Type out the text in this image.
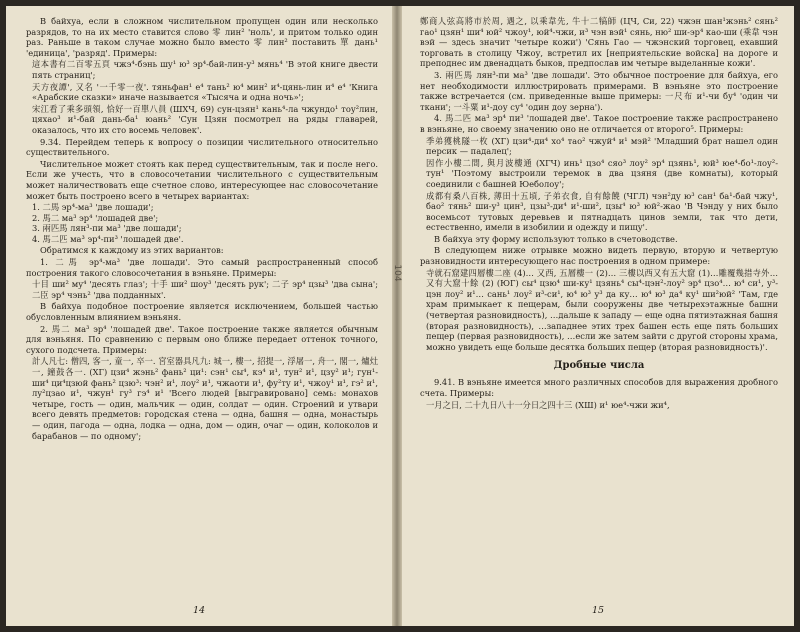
В байхуа, если в сложном числительном пропущен один или несколько разрядов, то на их место ставится слово 零 лин² 'ноль', и притом только один раз. Раньше в таком случае можно было вместо 零 лин² поставить 單 дань¹ 'единица', 'разряд'. Примеры:

這本書有二百零五頁 чжэ⁴-бэнь шу¹ ю³ эр⁴-бай-лин-у³ мянь⁴ 'В этой книге двести пять страниц';

天方夜譚', 又名 '一千零一夜'. тяньфан¹ е⁴ тань² ю⁴ мин² и⁴-цянь-лин и⁴ е⁴ 'Книга «Арабские сказки» иначе называется «Тысяча и одна ночь»';

宋江看了乘多頭領, 恰好一百單八員 (ШХЧ, 69) сун-цзян¹ кань⁴-ла чжундо¹ тоу²лин, цяхао³ и¹-бай дань-ба¹ юань² 'Сун Цзян посмотрел на ряды главарей, оказалось, что их сто восемь человек'.

9.34. Перейдем теперь к вопросу о позиции числительного относительно существительного.

Числительное может стоять как перед существительным, так и после него. Если же учесть, что в словосочетании числительного с существительным может наличествовать еще счетное слово, интересующее нас словосочетание может быть построено всего в четырех вариантах:

1. 二馬 эр⁴-ма³ 'две лошади';
2. 馬二 ма³ эр⁴ 'лошадей две';
3. 兩匹馬 лян³-пи ма³ 'две лошади';
4. 馬二匹 ма³ эр⁴-пи³ 'лошадей две'.

Обратимся к каждому из этих вариантов:

1. 二馬 эр⁴-ма³ 'две лошади'. Это самый распространенный способ построения такого словосочетания в вэньяне. Примеры:

十目 ши² му⁴ 'десять глаз'; 十手 ши² шоу³ 'десять рук'; 二子 эр⁴ цзы³ 'два сына'; 二臣 эр⁴ чэнь² 'два подданных'.

В байхуа подобное построение является исключением, большей частью обусловленным влиянием вэньяня.

2. 馬二 ма³ эр⁴ 'лошадей две'. Такое построение также является обычным для вэньяня. По сравнению с первым оно ближе передает оттенок точного, сухого подсчета. Примеры:

計人凡七: 僧四, 客一, 童一, 卒一. 宮室器具凡九: 城一, 樓一, 招提一, 浮屠一, 舟一, 閣一, 爐灶一, 鐘鼓各一. (ХГ) цзи⁴ жэнь² фань² ци¹: сэн¹ сы⁴, кэ⁴ и¹, тун² и¹, цзу² и¹; гун¹-ши⁴ ци⁴цзюй фань² цзю³: чэн² и¹, лоу² и¹, чжаоти и¹, фу²ту и¹, чжоу¹ и¹, гэ² и¹, лу²цзао и¹, чжун¹ гу³ гэ⁴ и¹ 'Всего людей [выгравировано] семь: монахов четыре, гость — один, мальчик — один, солдат — один. Строений и утвари всего девять предметов: городская стена — одна, башня — одна, монастырь — один, пагода — одна, лодка — одна, дом — один, очаг — один, колоколов и барабанов — по одному';

14
104

鄭商人弦高將市於周, 遇之, 以乘韋先, 牛十二犒師 (ЦЧ, Си, 22) чжэн шан¹жэнь² сянь² гао¹ цзян¹ ши⁴ юй² чжоу¹, юй⁴-чжи, и³ чэн вэй¹ сянь, ню² ши-эр⁴ као-ши (乘韋 чэн вэй — здесь значит 'четыре кожи') 'Сянь Гао — чжэнский торговец, ехавший торговать в столицу Чжоу, встретил их [неприятельские войска] на дороге и преподнес им двенадцать быков, предпослав им четыре выделанные кожи'.

3. 兩匹馬 лян³-пи ма³ 'две лошади'. Это обычное построение для байхуа, его нет необходимости иллюстрировать примерами. В вэньяне это построение также встречается (см. приведенные выше примеры: 一尺布 и¹-чи бу⁴ 'один чи ткани'; 一斗粟 и¹-доу су⁴ 'один доу зерна').

4. 馬二匹 ма³ эр⁴ пи³ 'лошадей две'. Такое построение также распространено в вэньяне, но своему значению оно не отличается от второго⁵. Примеры:

季弟獲桃隧一枚 (ХГ) цзи⁴-ди⁴ хо⁴ тао² чжуй⁴ и¹ мэй² 'Младший брат нашел один персик — падалец';

因作小樓二間, 與月波樓通 (ХГЧ) инь¹ цзо⁴ сяо³ лоу² эр⁴ цзянь¹, юй³ юе⁴-бо¹-лоу²-тун¹ 'Поэтому выстроили теремок в два цзяня (две комнаты), который соединили с башней Юеболоу';

成都有桑八百株, 薄田十五頃, 子弟衣食, 自有餘饒 (ЧГЛ) чэн²ду ю³ сан¹ ба¹-бай чжу¹, бао² тянь² ши-у³ цин³, цзы³-ди⁴ и¹-ши², цзы⁴ ю³ юй²-жао 'В Чэнду у них было восемьсот тутовых деревьев и пятнадцать цинов земли, так что дети, естественно, имели в изобилии и одежду и пищу'.

В байхуа эту форму используют только в счетоводстве.

В следующем ниже отрывке можно видеть первую, вторую и четвертую разновидности интересующего нас построения в одном примере:

寺就石窟建四層樓二座 (4)… 又西, 五層樓一 (2)… 三樓以西又有五大窟 (1)…雕覆幾措寺外… 又有大窟十餘 (2) (ЮГ) сы⁴ цзю⁴ ши-ку¹ цзянь⁴ сы⁴-цэн²-лоу² эр⁴ цзо⁴… ю⁴ си¹, у³-цэн лоу² и¹… сань¹ лоу² и³-си¹, ю⁴ ю³ у³ да ку… ю⁴ ю³ да⁴ ку¹ ши²юй² 'Там, где храм примыкает к пещерам, были сооружены две четырехэтажные башни (четвертая разновидность), …дальше к западу — еще одна пятиэтажная башня (вторая разновидность), …западнее этих трех башен есть еще пять больших пещер (первая разновидность), …если же затем зайти с другой стороны храма, можно увидеть еще больше десятка больших пещер (вторая разновидность)'.

Дробные числа

9.41. В вэньяне имеется много различных способов для выражения дробного счета. Примеры:

一月之日, 二十九日八十一分日之四十三 (ХШ) и¹ юе⁴-чжи жи⁴,

15
